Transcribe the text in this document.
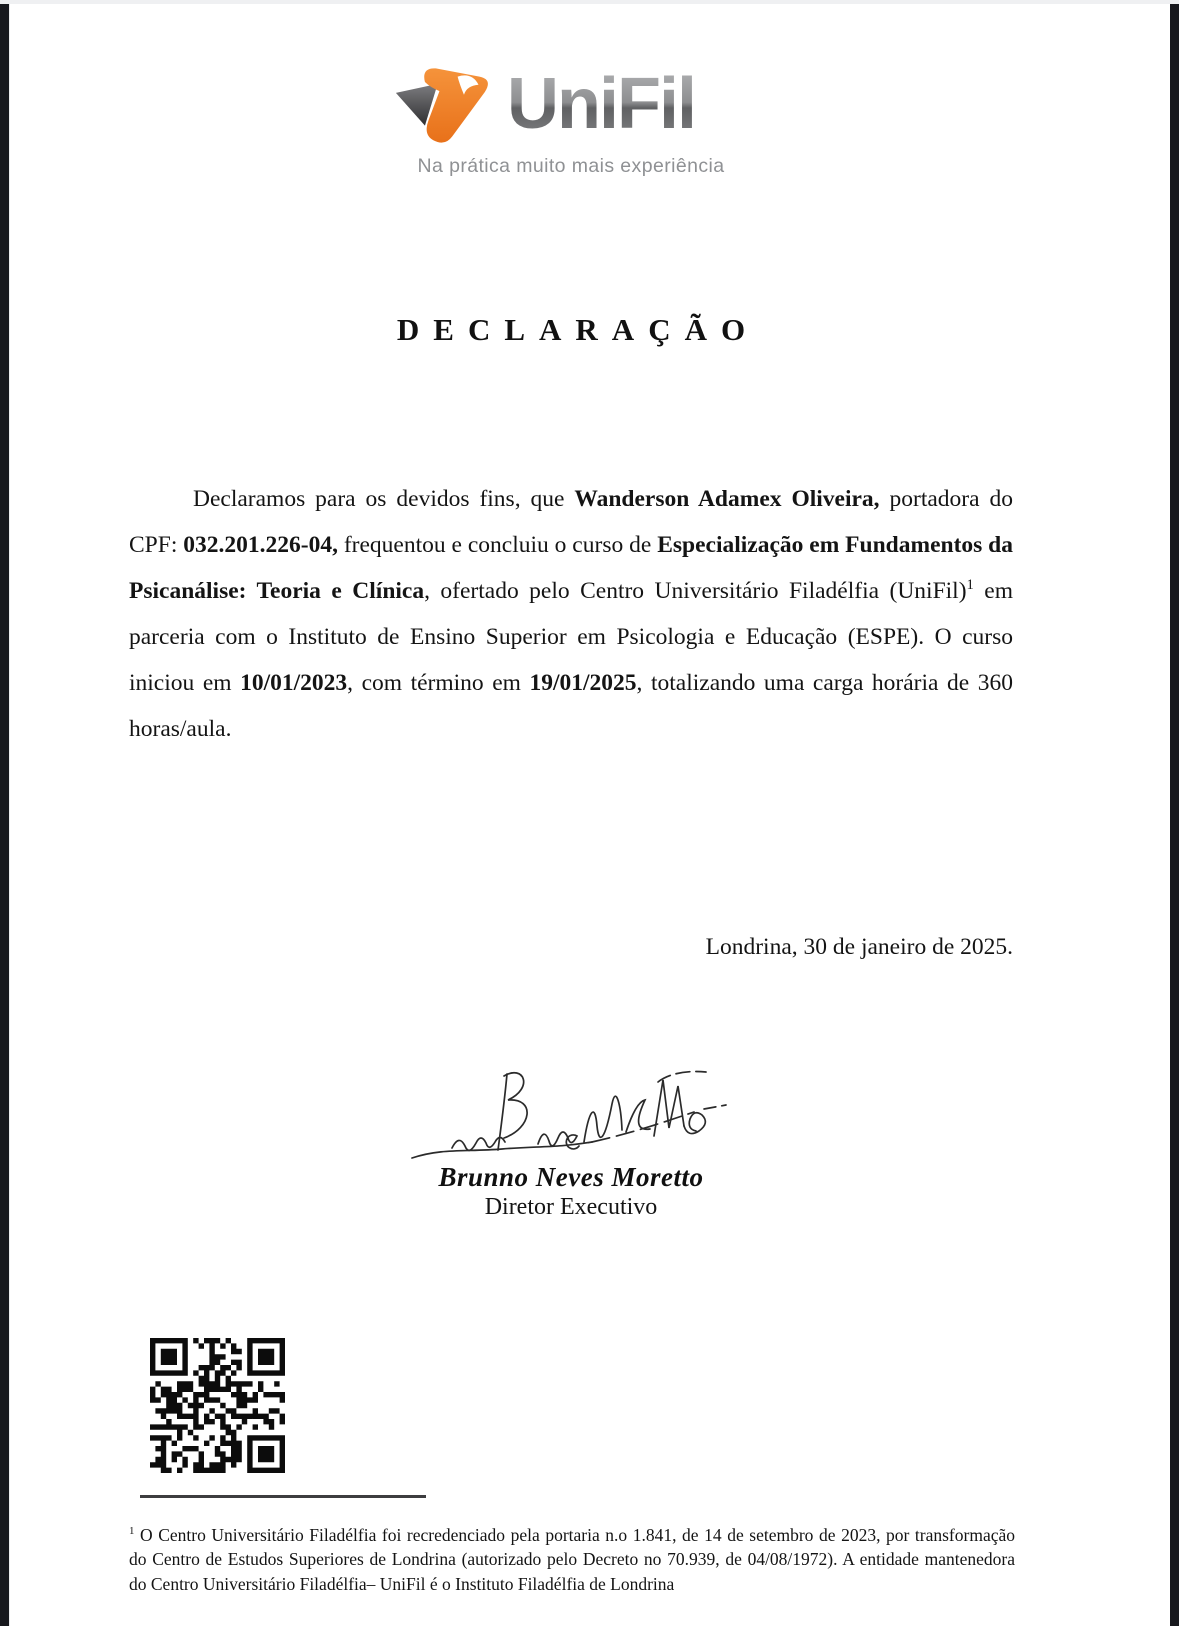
UniFil
Na prática muito mais experiência
DECLARAÇÃO

Declaramos para os devidos fins, que Wanderson Adamex Oliveira, portadora do CPF: 032.201.226-04, frequentou e concluiu o curso de Especialização em Fundamentos da Psicanálise: Teoria e Clínica, ofertado pelo Centro Universitário Filadélfia (UniFil)$^1$ em parceria com o Instituto de Ensino Superior em Psicologia e Educação (ESPE). O curso iniciou em 10/01/2023, com término em 19/01/2025, totalizando uma carga horária de 360 horas/aula.

Londrina, 30 de janeiro de 2025.
Brunno Neves Moretto
Diretor Executivo

$^1$ O Centro Universitário Filadélfia foi recredenciado pela portaria n.o 1.841, de 14 de setembro de 2023, por transformação do Centro de Estudos Superiores de Londrina (autorizado pelo Decreto no 70.939, de 04/08/1972). A entidade mantenedora do Centro Universitário Filadélfia– UniFil é o Instituto Filadélfia de Londrina
